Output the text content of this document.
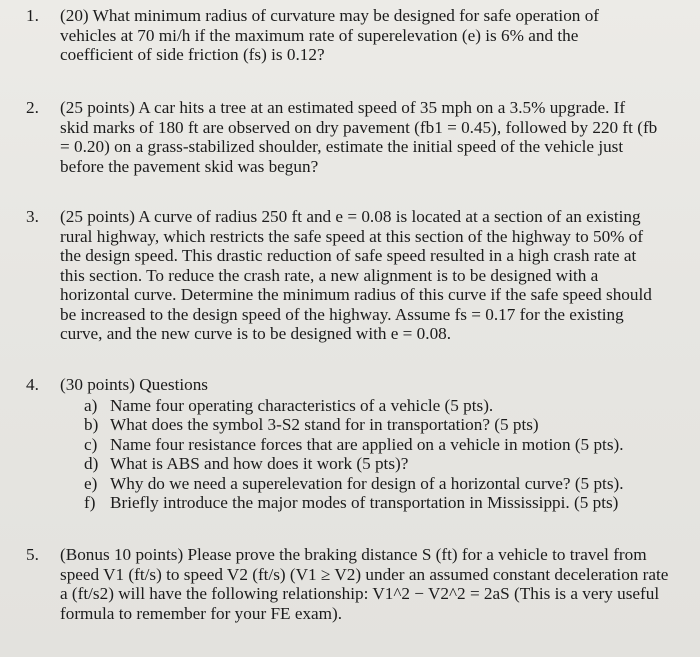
1.	(20) What minimum radius of curvature may be designed for safe operation of
vehicles at 70 mi/h if the maximum rate of superelevation (e) is 6% and the
coefficient of side friction (fs) is 0.12?
2.	(25 points) A car hits a tree at an estimated speed of 35 mph on a 3.5% upgrade. If
skid marks of 180 ft are observed on dry pavement (fb1 = 0.45), followed by 220 ft (fb
= 0.20) on a grass-stabilized shoulder, estimate the initial speed of the vehicle just
before the pavement skid was begun?
3.	(25 points) A curve of radius 250 ft and e = 0.08 is located at a section of an existing
rural highway, which restricts the safe speed at this section of the highway to 50% of
the design speed. This drastic reduction of safe speed resulted in a high crash rate at
this section. To reduce the crash rate, a new alignment is to be designed with a
horizontal curve. Determine the minimum radius of this curve if the safe speed should
be increased to the design speed of the highway. Assume fs = 0.17 for the existing
curve, and the new curve is to be designed with e = 0.08.
4.	(30 points) Questions
a) Name four operating characteristics of a vehicle (5 pts).
b) What does the symbol 3-S2 stand for in transportation? (5 pts)
c) Name four resistance forces that are applied on a vehicle in motion (5 pts).
d) What is ABS and how does it work (5 pts)?
e) Why do we need a superelevation for design of a horizontal curve? (5 pts).
f) Briefly introduce the major modes of transportation in Mississippi. (5 pts)
5.	(Bonus 10 points) Please prove the braking distance S (ft) for a vehicle to travel from
speed V1 (ft/s) to speed V2 (ft/s) (V1 ≥ V2) under an assumed constant deceleration rate
a (ft/s2) will have the following relationship: V1^2 − V2^2 = 2aS (This is a very useful
formula to remember for your FE exam).
